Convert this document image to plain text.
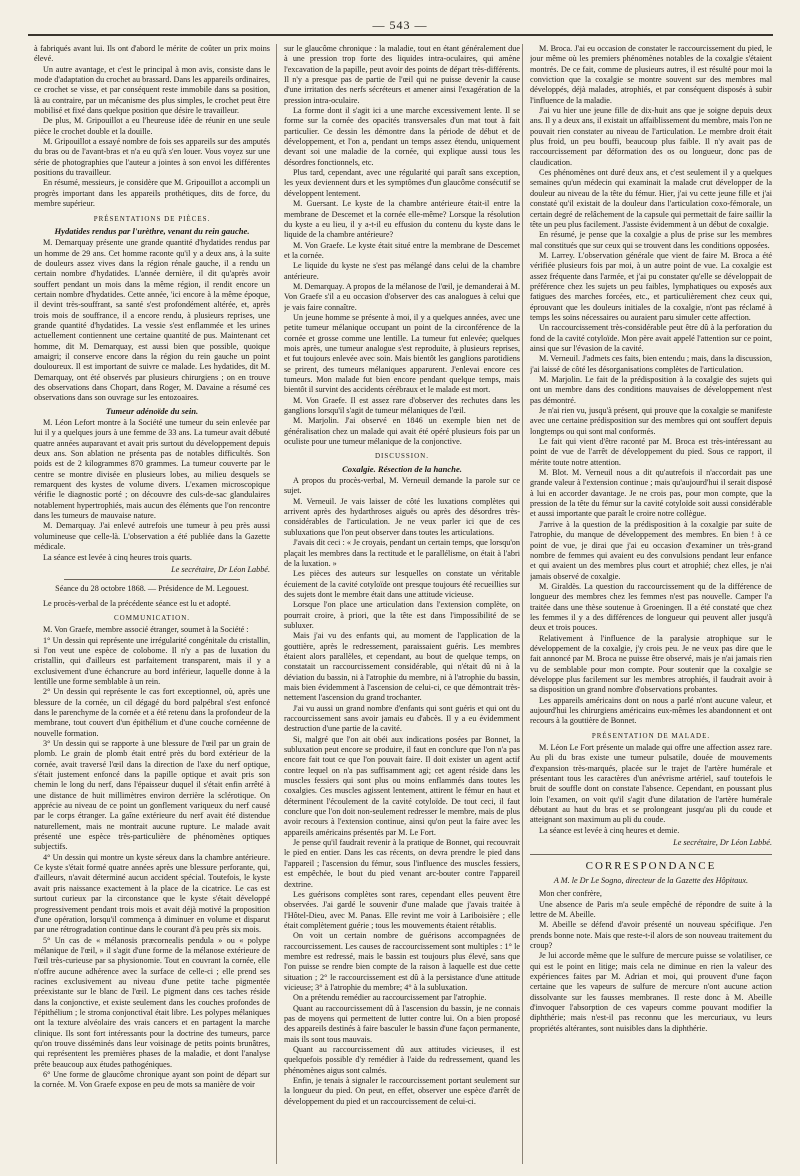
— 543 —

à fabriqués avant lui. Ils ont d'abord le mérite de coûter un prix moins élevé.

Un autre avantage, et c'est le principal à mon avis, consiste dans le mode d'adaptation du crochet au brassard. Dans les appareils ordinaires, ce crochet se visse, et par conséquent reste immobile dans sa position, là au contraire, par un mécanisme des plus simples, le crochet peut être mobilisé et fixé dans quelque position que désire le travailleur.

De plus, M. Gripouillot a eu l'heureuse idée de réunir en une seule pièce le crochet double et la douille.

M. Gripouillot a essayé nombre de fois ses appareils sur des amputés du bras ou de l'avant-bras et n'a eu qu'à s'en louer. Vous voyez sur une série de photographies que l'auteur a jointes à son envoi les différentes positions du travailleur.

En résumé, messieurs, je considère que M. Gripouillot a accompli un progrès important dans les appareils prothétiques, dits de force, du membre supérieur.

PRÉSENTATIONS DE PIÈCES.
Hydatides rendus par l'urèthre, venant du rein gauche.

M. Demarquay présente une grande quantité d'hydatides rendus par un homme de 29 ans. Cet homme raconte qu'il y a deux ans, à la suite de douleurs assez vives dans la région rénale gauche, il a rendu un certain nombre d'hydatides. L'année dernière, il dit qu'après avoir souffert pendant un mois dans la même région, il rendit encore un certain nombre d'hydatides. Cette année, 'ici encore à la même époque, il devint très-souffrant, sa santé s'est profondément altérée, et, après trois mois de souffrance, il a encore rendu, à plusieurs reprises, une grande quantité d'hydatides. La vessie s'est enflammée et les urines actuellement contiennent une certaine quantité de pus. Maintenant cet homme, dit M. Demarquay, est aussi bien que possible, quoique amaigri; il conserve encore dans la région du rein gauche un point douloureux. Il est important de suivre ce malade. Les hydatides, dit M. Demarquay, ont été observés par plusieurs chirurgiens ; on en trouve des observations dans Chopart, dans Roger, M. Davaine a résumé ces observations dans son ouvrage sur les entozoaires.

Tumeur adénoïde du sein.

M. Léon Lefort montre à la Société une tumeur du sein enlevée par lui il y a quelques jours à une femme de 33 ans. La tumeur avait débuté quatre années auparavant et avait pris surtout du développement depuis deux ans. Son ablation ne présenta pas de notables difficultés. Son poids est de 2 kilogrammes 870 grammes. La tumeur couverte par le centre se montre divisée en plusieurs lobes, au milieu desquels se remarquent des kystes de volume divers. L'examen microscopique vérifie le diagnostic porté ; on découvre des culs-de-sac glandulaires notablement hypertrophiés, mais aucun des éléments que l'on rencontre dans les tumeurs de mauvaise nature.

M. Demarquay. J'ai enlevé autrefois une tumeur à peu près aussi volumineuse que celle-là. L'observation a été publiée dans la Gazette médicale.

La séance est levée à cinq heures trois quarts.

Le secrétaire, Dr Léon Labbé.
Séance du 28 octobre 1868. — Présidence de M. Legouest.

Le procès-verbal de la précédente séance est lu et adopté.

COMMUNICATION.

M. Von Graefe, membre associé étranger, soumet à la Société :

1° Un dessin qui représente une irrégularité congénitale du cristallin, si l'on veut une espèce de colobome. Il n'y a pas de luxation du cristallin, qui d'ailleurs est parfaitement transparent, mais il y a exclusivement d'une échancrure au bord inférieur, laquelle donne à la lentille une forme semblable à un rein.

2° Un dessin qui représente le cas fort exceptionnel, où, après une blessure de la cornée, un cil dégagé du bord palpébral s'est enfoncé dans le parenchyme de la cornée et a été retenu dans la profondeur de la membrane, tout couvert d'un épithélium et d'une couche cornéenne de nouvelle formation.

3° Un dessin qui se rapporte à une blessure de l'œil par un grain de plomb. Le grain de plomb était entré près du bord extérieur de la cornée, avait traversé l'œil dans la direction de l'axe du nerf optique, s'était justement enfoncé dans la papille optique et avait pris son chemin le long du nerf, dans l'épaisseur duquel il s'était enfin arrêté à une distance de huit millimètres environ derrière la sclérotique. On apprécie au niveau de ce point un gonflement variqueux du nerf causé par le corps étranger. La gaîne extérieure du nerf avait été distendue naturellement, mais ne montrait aucune rupture. Le malade avait présenté une espèce très-particulière de phénomènes optiques subjectifs.

4° Un dessin qui montre un kyste séreux dans la chambre antérieure. Ce kyste s'était formé quatre années après une blessure perforante, qui, d'ailleurs, n'avait déterminé aucun accident spécial. Toutefois, le kyste avait pris naissance exactement à la place de la cicatrice. Le cas est surtout curieux par la circonstance que le kyste s'était développé progressivement pendant trois mois et avait déjà motivé la proposition d'une opération, lorsqu'il commença à diminuer en volume et disparut par une rétrogradation continue dans le courant d'à peu près six mois.

5° Un cas de « mélanosis præcornealis pendula » ou « polype mélanique de l'œil, » il s'agit d'une forme de la mélanose extérieure de l'œil très-curieuse par sa physionomie. Tout en couvrant la cornée, elle n'offre aucune adhérence avec la surface de celle-ci ; elle prend ses racines exclusivement au niveau d'une petite tache pigmentée préexistante sur le blanc de l'œil. Le pigment dans ces taches réside dans la conjonctive, et existe seulement dans les couches profondes de l'épithélium ; le stroma conjonctival était libre. Les polypes mélaniques ont la texture alvéolaire des vrais cancers et en partagent la marche clinique. Ils sont fort intéressants pour la doctrine des tumeurs, parce qu'on trouve disséminés dans leur voisinage de petits points brunâtres, qui représentent les premières phases de la maladie, et dont l'analyse prête beaucoup aux études pathogéniques.

6° Une forme de glaucôme chronique ayant son point de départ sur la cornée. M. Von Graefe expose en peu de mots sa manière de voir

sur le glaucôme chronique : la maladie, tout en étant généralement due à une pression trop forte des liquides intra-oculaires, qui amène l'excavation de la papille, peut avoir des points de départ très-différents. Il n'y a presque pas de partie de l'œil qui ne puisse devenir la cause d'une irritation des nerfs sécréteurs et amener ainsi l'exagération de la pression intra-oculaire.

La forme dont il s'agit ici a une marche excessivement lente. Il se forme sur la cornée des opacités transversales d'un mat tout à fait particulier. Ce dessin les démontre dans la période de début et de développement, et l'on a, pendant un temps assez étendu, uniquement devant soi une maladie de la cornée, qui explique aussi tous les désordres fonctionnels, etc.

Plus tard, cependant, avec une régularité qui paraît sans exception, les yeux deviennent durs et les symptômes d'un glaucôme consécutif se développent lentement.

M. Guersant. Le kyste de la chambre antérieure était-il entre la membrane de Descemet et la cornée elle-même? Lorsque la résolution du kyste a eu lieu, il y a-t-il eu effusion du contenu du kyste dans le liquide de la chambre antérieure?

M. Von Graefe. Le kyste était situé entre la membrane de Descemet et la cornée.

Le liquide du kyste ne s'est pas mélangé dans celui de la chambre antérieure.

M. Demarquay. A propos de la mélanose de l'œil, je demanderai à M. Von Graefe s'il a eu occasion d'observer des cas analogues à celui que je vais faire connaître.

Un jeune homme se présente à moi, il y a quelques années, avec une petite tumeur mélanique occupant un point de la circonférence de la cornée et grosse comme une lentille. La tumeur fut enlevée; quelques mois après, une tumeur analogue s'est reproduite, à plusieurs reprises, et fut toujours enlevée avec soin. Mais bientôt les ganglions parotidiens se prirent, des tumeurs mélaniques apparurent. J'enlevai encore ces tumeurs. Mon malade fut bien encore pendant quelque temps, mais bientôt il survint des accidents cérébraux et le malade est mort.

M. Von Graefe. Il est assez rare d'observer des rechutes dans les ganglions lorsqu'il s'agit de tumeur mélaniques de l'œil.

M. Marjolin. J'ai observé en 1846 un exemple bien net de généralisation chez un malade qui avait été opéré plusieurs fois par un oculiste pour une tumeur mélanique de la conjonctive.

DISCUSSION.
Coxalgie. Résection de la hanche.

A propos du procès-verbal, M. Verneuil demande la parole sur ce sujet.

M. Verneuil. Je vais laisser de côté les luxations complètes qui arrivent après des hydarthroses aiguës ou après des désordres très-considérables de l'articulation. Je ne veux parler ici que de ces subluxations que l'on peut observer dans toutes les articulations.

J'avais dit ceci : « Je croyais, pendant un certain temps, que lorsqu'on plaçait les membres dans la rectitude et le parallélisme, on était à l'abri de la luxation. »

Les pièces des auteurs sur lesquelles on constate un véritable écuiement de la cavité cotyloïde ont presque toujours été recueillies sur des sujets dont le membre était dans une attitude vicieuse.

Lorsque l'on place une articulation dans l'extension complète, on pourrait croire, à priori, que la tête est dans l'impossibilité de se subluxer.

Mais j'ai vu des enfants qui, au moment de l'application de la gouttière, après le redressement, paraissaient guéris. Les membres étaient alors parallèles, et cependant, au bout de quelque temps, on constatait un raccourcissement considérable, qui n'était dû ni à la déviation du bassin, ni à l'atrophie du membre, ni à l'atrophie du bassin, mais bien évidemment à l'ascension de celui-ci, ce que démontrait très-nettement l'ascension du grand trochanter.

J'ai vu aussi un grand nombre d'enfants qui sont guéris et qui ont du raccourcissement sans avoir jamais eu d'abcès. Il y a eu évidemment destruction d'une partie de la cavité.

Si, malgré que l'on ait obéi aux indications posées par Bonnet, la subluxation peut encore se produire, il faut en conclure que l'on n'a pas encore fait tout ce que l'on pouvait faire. Il doit exister un agent actif contre lequel on n'a pas suffisamment agi; cet agent réside dans les muscles fessiers qui sont plus ou moins enflammés dans toutes les coxalgies. Ces muscles agissent lentement, attirent le fémur en haut et déterminent l'écoulement de la cavité cotyloïde. De tout ceci, il faut conclure que l'on doit non-seulement redresser le membre, mais de plus avoir recours à l'extension continue, ainsi qu'on peut la faire avec les appareils américains présentés par M. Le Fort.

Je pense qu'il faudrait revenir à la pratique de Bonnet, qui recouvrait le pied en entier. Dans les cas récents, on devra prendre le pied dans l'appareil ; l'ascension du fémur, sous l'influence des muscles fessiers, est empêchée, le bout du pied venant arc-bouter contre l'appareil dextrine.

Les guérisons complètes sont rares, cependant elles peuvent être observées. J'ai gardé le souvenir d'une malade que j'avais traitée à l'Hôtel-Dieu, avec M. Panas. Elle revint me voir à Lariboisière ; elle était complètement guérie ; tous les mouvements étaient rétablis.

On voit un certain nombre de guérisons accompagnées de raccourcissement. Les causes de raccourcissement sont multiples : 1° le membre est redressé, mais le bassin est toujours plus élevé, sans que l'on puisse se rendre bien compte de la raison à laquelle est due cette situation ; 2° le raccourcissement est dû à la persistance d'une attitude vicieuse; 3° à l'atrophie du membre; 4° à la subluxation.

On a prétendu remédier au raccourcissement par l'atrophie.

Quant au raccourcissement dû à l'ascension du bassin, je ne connais pas de moyens qui permettent de lutter contre lui. On a bien proposé des appareils destinés à faire basculer le bassin d'une façon permanente, mais ils sont tous mauvais.

Quant au raccourcissement dû aux attitudes vicieuses, il est quelquefois possible d'y remédier à l'aide du redressement, quand les phénomènes aigus sont calmés.

Enfin, je tenais à signaler le raccourcissement portant seulement sur la longueur du pied. On peut, en effet, observer une espèce d'arrêt de développement du pied et un raccourcissement de celui-ci.

M. Broca. J'ai eu occasion de constater le raccourcissement du pied, le jour même où les premiers phénomènes notables de la coxalgie s'étaient montrés. De ce fait, comme de plusieurs autres, il est résulté pour moi la conviction que la coxalgie se montre souvent sur des membres mal développés, déjà malades, atrophiés, et par conséquent disposés à subir l'influence de la maladie.

J'ai vu hier une jeune fille de dix-huit ans que je soigne depuis deux ans. Il y a deux ans, il existait un affaiblissement du membre, mais l'on ne pouvait rien constater au niveau de l'articulation. Le membre droit était plus froid, un peu bouffi, beaucoup plus faible. Il n'y avait pas de raccourcissement par déformation des os ou longueur, donc pas de claudication.

Ces phénomènes ont duré deux ans, et c'est seulement il y a quelques semaines qu'un médecin qui examinait la malade crut développer de la douleur au niveau de la tête du fémur. Hier, j'ai vu cette jeune fille et j'ai constaté qu'il existait de la douleur dans l'articulation coxo-fémorale, un certain degré de relâchement de la capsule qui permettait de faire saillir la tête un peu plus facilement. J'assiste évidemment à un début de coxalgie.

En résumé, je pense que la coxalgie a plus de prise sur les membres mal constitués que sur ceux qui se trouvent dans les conditions opposées.

M. Larrey. L'observation générale que vient de faire M. Broca a été vérifiée plusieurs fois par moi, à un autre point de vue. La coxalgie est assez fréquente dans l'armée, et j'ai pu constater qu'elle se développait de préférence chez les sujets un peu faibles, lymphatiques ou exposés aux fatigues des marches forcées, etc., et particulièrement chez ceux qui, éprouvant que les douleurs initiales de la coxalgie, n'ont pas réclamé à temps les soins nécessaires ou auraient paru simuler cette affection.

Un raccourcissement très-considérable peut être dû à la perforation du fond de la cavité cotyloïde. Mon père avait appelé l'attention sur ce point, ainsi que sur l'évasion de la cavité.

M. Verneuil. J'admets ces faits, bien entendu ; mais, dans la discussion, j'ai laissé de côté les désorganisations complètes de l'articulation.

M. Marjolin. Le fait de la prédisposition à la coxalgie des sujets qui ont un membre dans des conditions mauvaises de développement n'est pas démontré.

Je n'ai rien vu, jusqu'à présent, qui prouve que la coxalgie se manifeste avec une certaine prédisposition sur des membres qui ont souffert depuis longtemps ou qui sont mal conformés.

Le fait qui vient d'être raconté par M. Broca est très-intéressant au point de vue de l'arrêt de développement du pied. Sous ce rapport, il mérite toute notre attention.

M. Blot. M. Verneuil nous a dit qu'autrefois il n'accordait pas une grande valeur à l'extension continue ; mais qu'aujourd'hui il serait disposé à lui en accorder davantage. Je ne crois pas, pour mon compte, que la pression de la tête du fémur sur la cavité cotyloïde soit aussi considérable et aussi importante que paraît le croire notre collègue.

J'arrive à la question de la prédisposition à la coxalgie par suite de l'atrophie, du manque de développement des membres. En bien ! à ce point de vue, je dirai que j'ai eu occasion d'examiner un très-grand nombre de femmes qui avaient eu des convulsions pendant leur enfance et qui avaient un des membres plus court et atrophié; chez elles, je n'ai jamais observé de coxalgie.

M. Giraldès. La question du raccourcissement qu de la différence de longueur des membres chez les femmes n'est pas nouvelle. Camper l'a traitée dans une thèse soutenue à Groeningen. Il a été constaté que chez les femmes il y a des différences de longueur qui peuvent aller jusqu'à deux et trois pouces.

Relativement à l'influence de la paralysie atrophique sur le développement de la coxalgie, j'y crois peu. Je ne veux pas dire que le fait annoncé par M. Broca ne puisse être observé, mais je n'ai jamais rien vu de semblable pour mon compte. Pour soutenir que la coxalgie se développe plus facilement sur les membres atrophiés, il faudrait avoir à sa disposition un grand nombre d'observations probantes.

Les appareils américains dont on nous a parlé n'ont aucune valeur, et aujourd'hui les chirurgiens américains eux-mêmes les abandonnent et ont recours à la gouttière de Bonnet.

PRÉSENTATION DE MALADE.

M. Léon Le Fort présente un malade qui offre une affection assez rare. Au pli du bras existe une tumeur pulsatile, douée de mouvements d'expansion très-marqués, placée sur le trajet de l'artère humérale et présentant tous les caractères d'un anévrisme artériel, sauf toutefois le bruit de souffle dont on constate l'absence. Cependant, en poussant plus loin l'examen, on voit qu'il s'agit d'une dilatation de l'artère humérale débutant au haut du bras et se prolongeant jusqu'au pli du coude et atteignant son maximum au pli du coude.

La séance est levée à cinq heures et demie.

Le secrétaire, Dr Léon Labbé.
CORRESPONDANCE
A M. le Dr Le Sogno, directeur de la Gazette des Hôpitaux.

Mon cher confrère,

Une absence de Paris m'a seule empêché de répondre de suite à la lettre de M. Abeille.

M. Abeille se défend d'avoir présenté un nouveau spécifique. J'en prends bonne note. Mais que reste-t-il alors de son nouveau traitement du croup?

Je lui accorde même que le sulfure de mercure puisse se volatiliser, ce qui est le point en litige; mais cela ne diminue en rien la valeur des expériences faites par M. Adrian et moi, qui prouvent d'une façon certaine que les vapeurs de sulfure de mercure n'ont aucune action dissolvante sur les fausses membranes. Il reste donc à M. Abeille d'invoquer l'absorption de ces vapeurs comme pouvant modifier la diphthérie; mais n'est-il pas reconnu que les mercuriaux, vu leurs propriétés altérantes, sont nuisibles dans la diphthérie.
